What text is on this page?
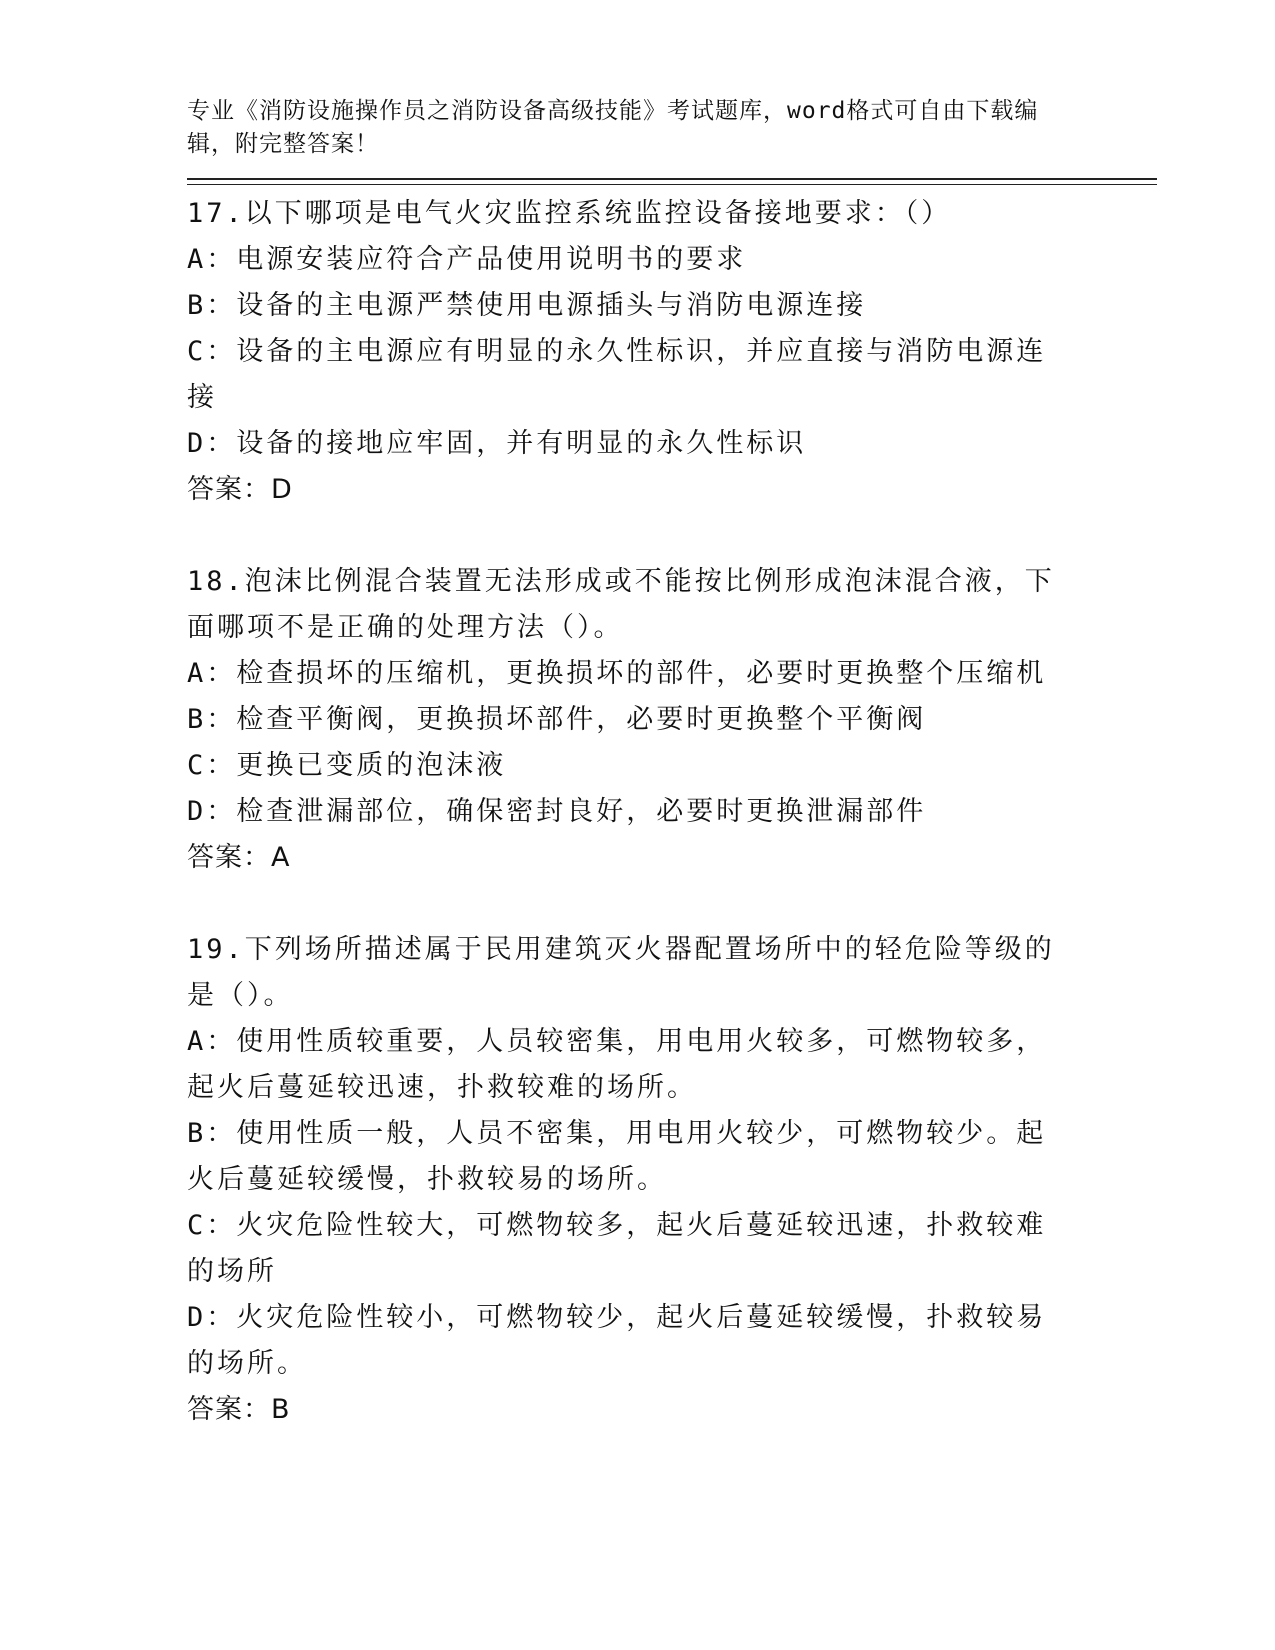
专业《消防设施操作员之消防设备高级技能》考试题库，word格式可自由下载编辑，附完整答案！

17.以下哪项是电气火灾监控系统监控设备接地要求：（）

A：电源安装应符合产品使用说明书的要求

B：设备的主电源严禁使用电源插头与消防电源连接

C：设备的主电源应有明显的永久性标识，并应直接与消防电源连接

D：设备的接地应牢固，并有明显的永久性标识

答案：D

18.泡沫比例混合装置无法形成或不能按比例形成泡沫混合液，下面哪项不是正确的处理方法（）。

A：检查损坏的压缩机，更换损坏的部件，必要时更换整个压缩机

B：检查平衡阀，更换损坏部件，必要时更换整个平衡阀

C：更换已变质的泡沫液

D：检查泄漏部位，确保密封良好，必要时更换泄漏部件

答案：A

19.下列场所描述属于民用建筑灭火器配置场所中的轻危险等级的是（）。

A：使用性质较重要，人员较密集，用电用火较多，可燃物较多，起火后蔓延较迅速，扑救较难的场所。

B：使用性质一般，人员不密集，用电用火较少，可燃物较少。起火后蔓延较缓慢，扑救较易的场所。

C：火灾危险性较大，可燃物较多，起火后蔓延较迅速，扑救较难的场所

D：火灾危险性较小，可燃物较少，起火后蔓延较缓慢，扑救较易的场所。

答案：B
